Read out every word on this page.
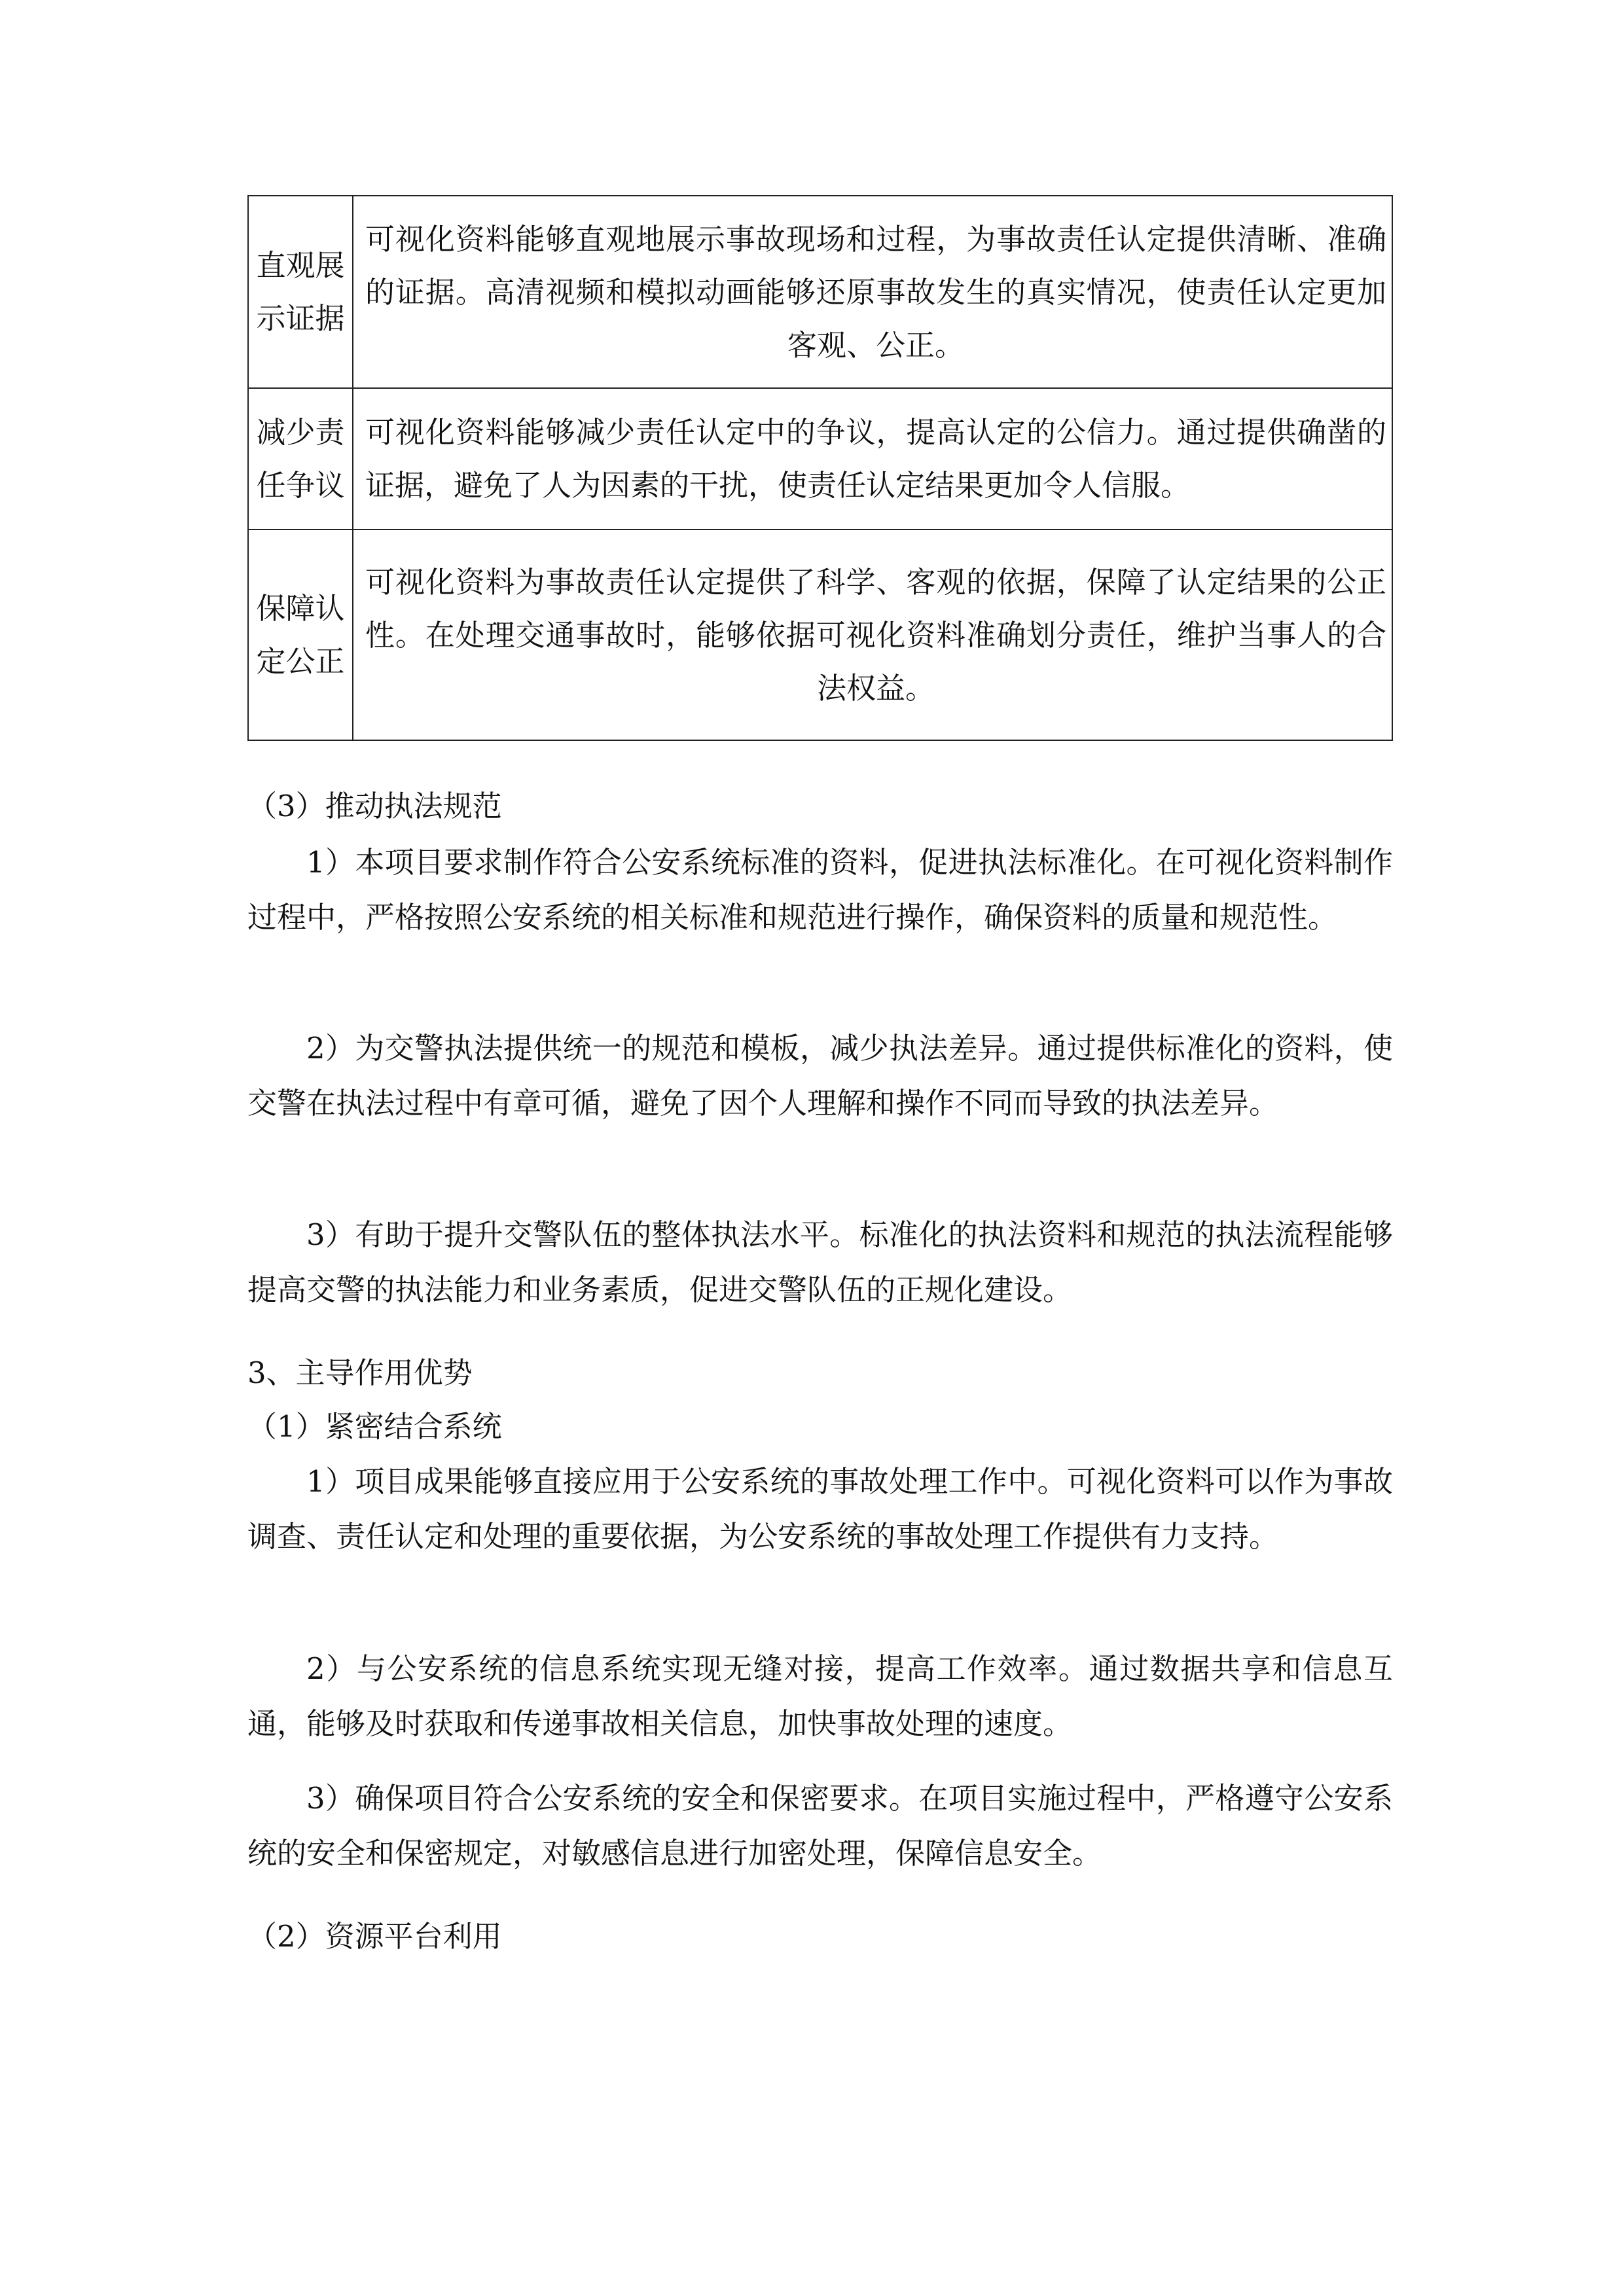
直观展示证据	可视化资料能够直观地展示事故现场和过程，为事故责任认定提供清晰、准确的证据。高清视频和模拟动画能够还原事故发生的真实情况，使责任认定更加客观、公正。
减少责任争议	可视化资料能够减少责任认定中的争议，提高认定的公信力。通过提供确凿的证据，避免了人为因素的干扰，使责任认定结果更加令人信服。
保障认定公正	可视化资料为事故责任认定提供了科学、客观的依据，保障了认定结果的公正性。在处理交通事故时，能够依据可视化资料准确划分责任，维护当事人的合法权益。

（3）推动执法规范

1）本项目要求制作符合公安系统标准的资料，促进执法标准化。在可视化资料制作过程中，严格按照公安系统的相关标准和规范进行操作，确保资料的质量和规范性。

2）为交警执法提供统一的规范和模板，减少执法差异。通过提供标准化的资料，使交警在执法过程中有章可循，避免了因个人理解和操作不同而导致的执法差异。

3）有助于提升交警队伍的整体执法水平。标准化的执法资料和规范的执法流程能够提高交警的执法能力和业务素质，促进交警队伍的正规化建设。

3、主导作用优势

（1）紧密结合系统

1）项目成果能够直接应用于公安系统的事故处理工作中。可视化资料可以作为事故调查、责任认定和处理的重要依据，为公安系统的事故处理工作提供有力支持。

2）与公安系统的信息系统实现无缝对接，提高工作效率。通过数据共享和信息互通，能够及时获取和传递事故相关信息，加快事故处理的速度。

3）确保项目符合公安系统的安全和保密要求。在项目实施过程中，严格遵守公安系统的安全和保密规定，对敏感信息进行加密处理，保障信息安全。

（2）资源平台利用
